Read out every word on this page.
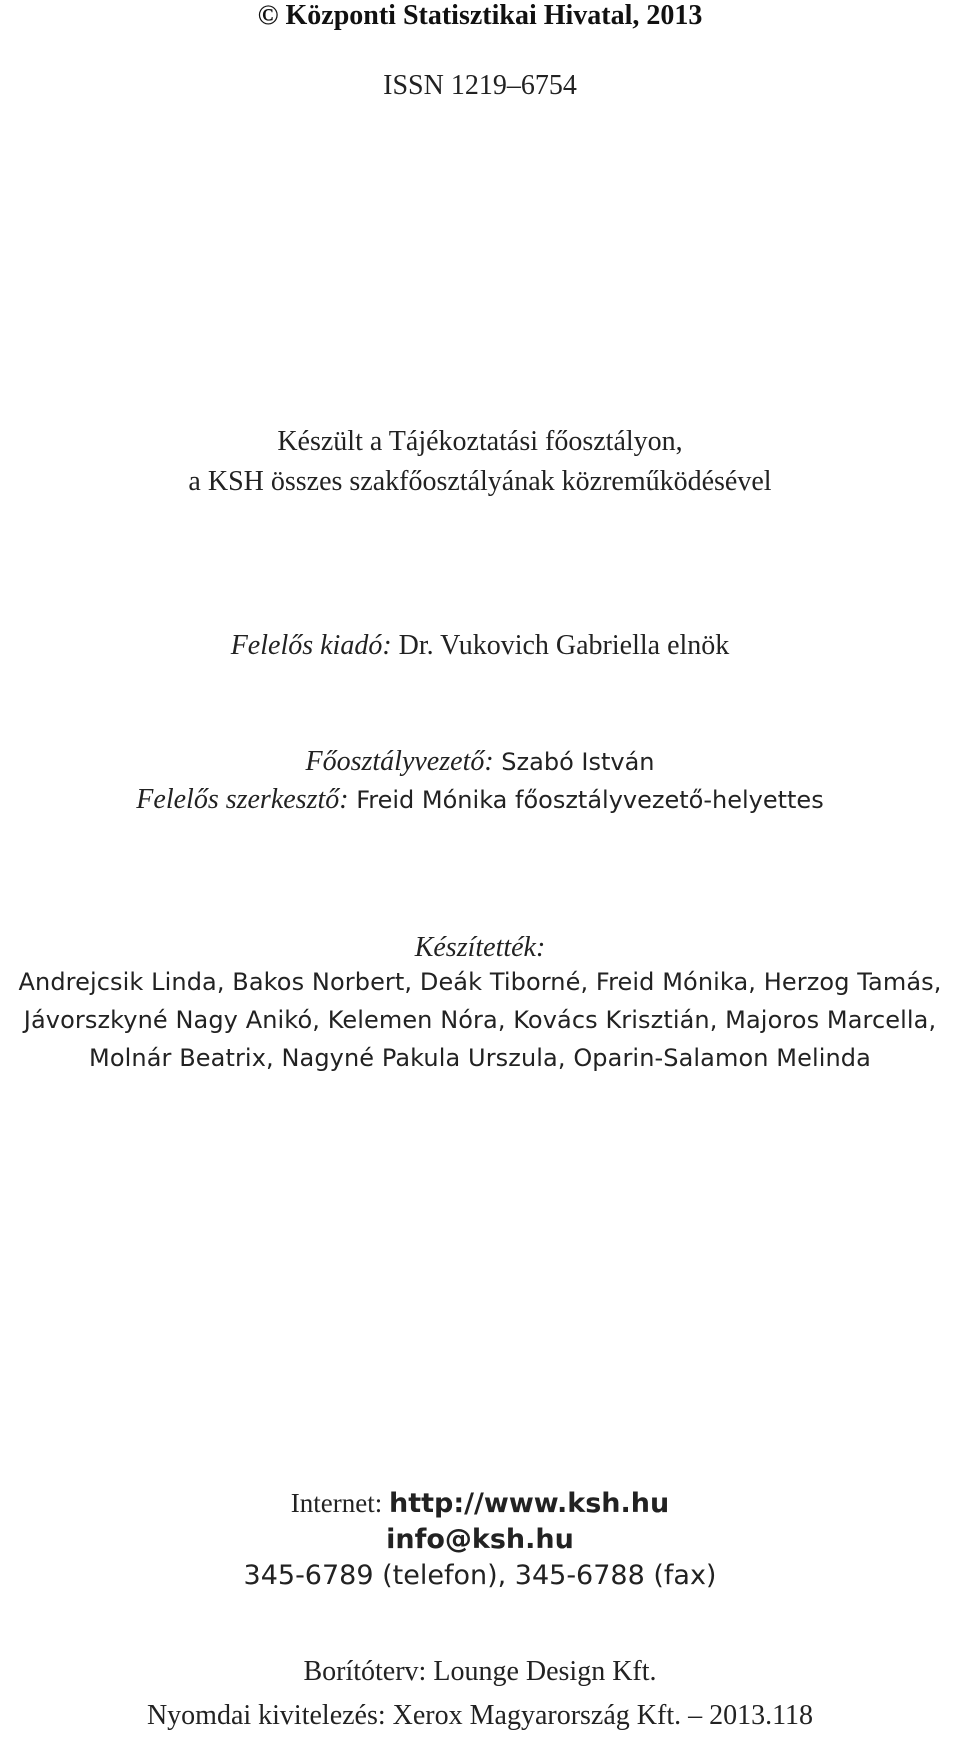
© Központi Statisztikai Hivatal, 2013
ISSN 1219–6754
Készült a Tájékoztatási főosztályon,
a KSH összes szakfőosztályának közreműködésével
Felelős kiadó: Dr. Vukovich Gabriella elnök
Főosztályvezető: Szabó István
Felelős szerkesztő: Freid Mónika főosztályvezető-helyettes
Készítették:
Andrejcsik Linda, Bakos Norbert, Deák Tiborné, Freid Mónika, Herzog Tamás,
Jávorszkyné Nagy Anikó, Kelemen Nóra, Kovács Krisztián, Majoros Marcella,
Molnár Beatrix, Nagyné Pakula Urszula, Oparin-Salamon Melinda
Internet: http://www.ksh.hu
info@ksh.hu
345-6789 (telefon), 345-6788 (fax)
Borítóterv: Lounge Design Kft.
Nyomdai kivitelezés: Xerox Magyarország Kft. – 2013.118
